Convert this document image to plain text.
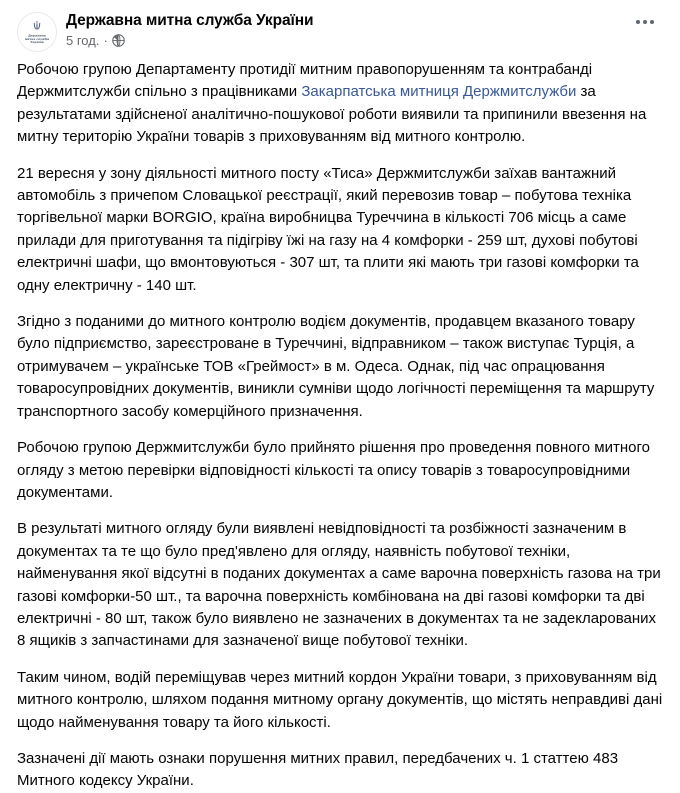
Державна
митна служба
України
Державна митна служба України
5 год. ·

Робочою групою Департаменту протидії митним правопорушенням та контрабанді Держмитслужби спільно з працівниками Закарпатська митниця Держмитслужби за результатами здійсненої аналітично-пошукової роботи виявили та припинили ввезення на митну територію України товарів з приховуванням від митного контролю.

21 вересня у зону діяльності митного посту «Тиса» Держмитслужби заїхав вантажний автомобіль з причепом Словацької реєстрації, який перевозив товар – побутова техніка торгівельної марки BORGIO, країна виробницва Туреччина в кількості 706 місць а саме прилади для приготування та підігріву їжі на газу на 4 комфорки - 259 шт, духові побутові електричні шафи, що вмонтовуються - 307 шт, та плити які мають три газові комфорки та одну електричну - 140 шт.

Згідно з поданими до митного контролю водієм документів, продавцем вказаного товару було підприємство, зареєстроване в Туреччині, відправником – також виступає Турція, а отримувачем – українське ТОВ «Греймост» в м. Одеса. Однак, під час опрацювання товаросупровідних документів, виникли сумніви щодо логічності переміщення та маршруту транспортного засобу комерційного призначення.

Робочою групою Держмитслужби було прийнято рішення про проведення повного митного огляду з метою перевірки відповідності кількості та опису товарів з товаросупровідними документами.

В результаті митного огляду були виявлені невідповідності та розбіжності зазначеним в документах та те що було пред'явлено для огляду, наявність побутової техніки, найменування якої відсутні в поданих документах а саме варочна поверхність газова на три газові комфорки-50 шт., та варочна поверхність комбінована на дві газові комфорки та дві електричні - 80 шт, також було виявлено не зазначених в документах та не задекларованих 8 ящиків з запчастинами для зазначеної вище побутової техніки.

Таким чином, водій переміщував через митний кордон України товари, з приховуванням від митного контролю, шляхом подання митному органу документів, що містять неправдиві дані щодо найменування товару та його кількості.

Зазначені дії мають ознаки порушення митних правил, передбачених ч. 1 статтею 483 Митного кодексу України.
